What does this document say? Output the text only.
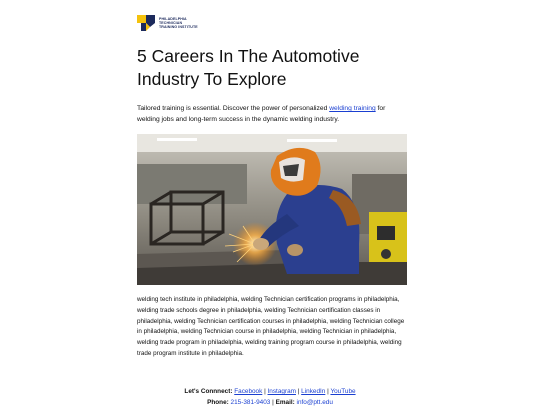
PHILADELPHIA
TECHNICIAN
TRAINING INSTITUTE
5 Careers In The Automotive Industry To Explore

Tailored training is essential. Discover the power of personalized welding training for welding jobs and long-term success in the dynamic welding industry.

welding tech institute in philadelphia, welding Technician certification programs in philadelphia, welding trade schools degree in philadelphia, welding Technician certification classes in philadelphia, welding Technician certification courses in philadelphia, welding Technician college in philadelphia, welding Technician course in philadelphia, welding Technician in philadelphia, welding trade program in philadelphia, welding training program course in philadelphia, welding trade program institute in philadelphia.

Let's Connnect: Facebook | Instagram | LinkedIn | YouTube
Phone: 215-381-9403 | Email: info@ptt.edu
